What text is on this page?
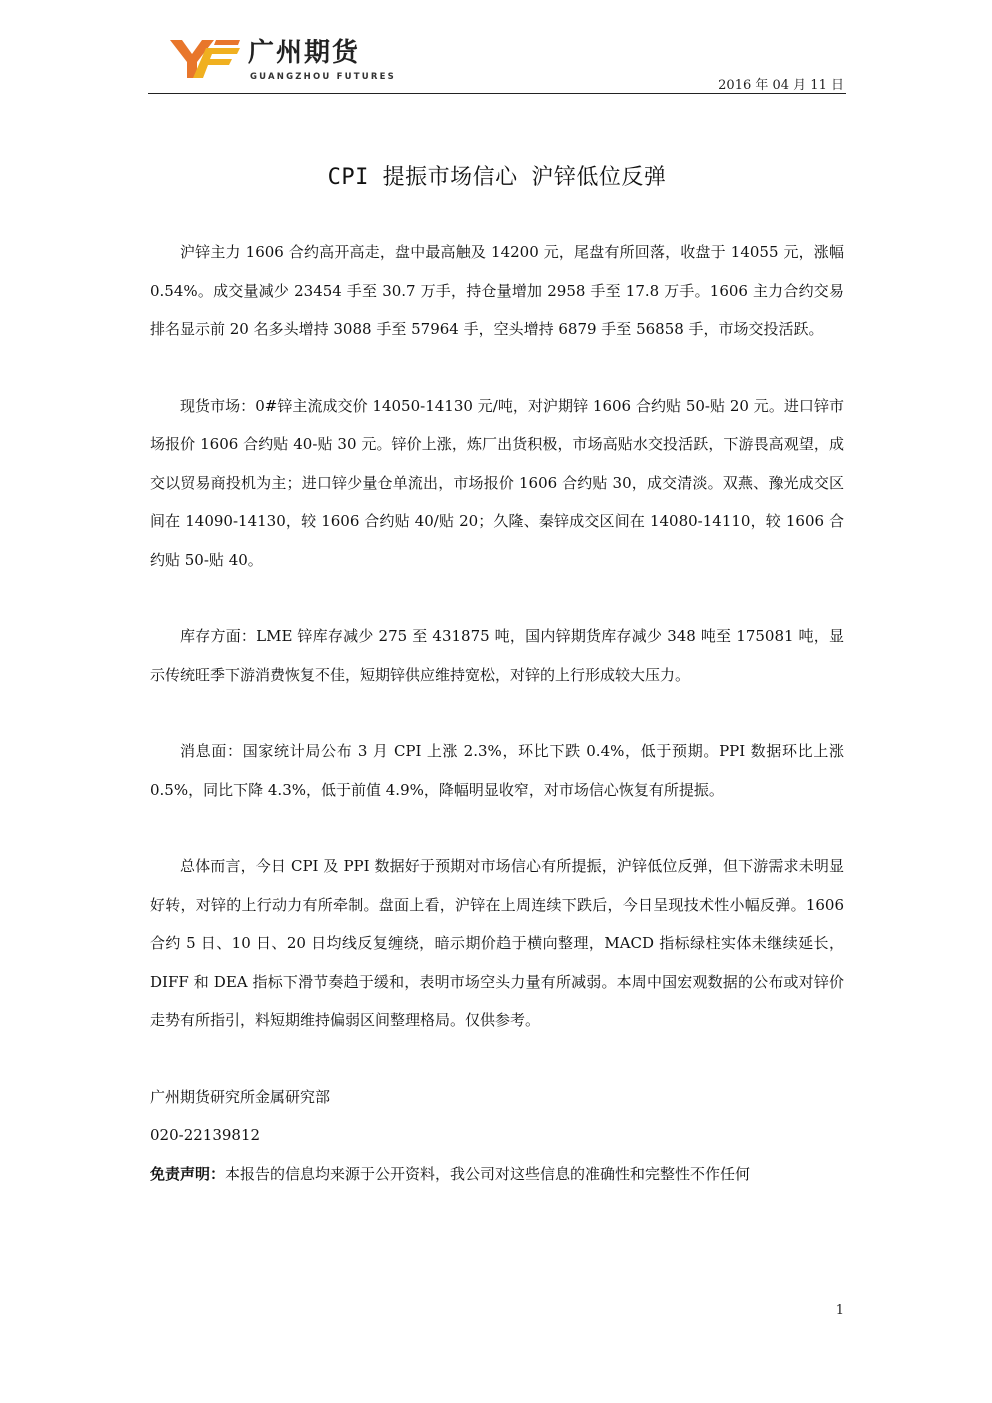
广州期货
GUANGZHOU FUTURES
2016 年 04 月 11 日
CPI 提振市场信心 沪锌低位反弹

沪锌主力 1606 合约高开高走，盘中最高触及 14200 元，尾盘有所回落，收盘于 14055 元，涨幅 0.54%。成交量减少 23454 手至 30.7 万手，持仓量增加 2958 手至 17.8 万手。1606 主力合约交易排名显示前 20 名多头增持 3088 手至 57964 手，空头增持 6879 手至 56858 手，市场交投活跃。

现货市场：0#锌主流成交价 14050-14130 元/吨，对沪期锌 1606 合约贴 50-贴 20 元。进口锌市场报价 1606 合约贴 40-贴 30 元。锌价上涨，炼厂出货积极，市场高贴水交投活跃，下游畏高观望，成交以贸易商投机为主；进口锌少量仓单流出，市场报价 1606 合约贴 30，成交清淡。双燕、豫光成交区间在 14090-14130，较 1606 合约贴 40/贴 20；久隆、秦锌成交区间在 14080-14110，较 1606 合约贴 50-贴 40。

库存方面：LME 锌库存减少 275 至 431875 吨，国内锌期货库存减少 348 吨至 175081 吨，显示传统旺季下游消费恢复不佳，短期锌供应维持宽松，对锌的上行形成较大压力。

消息面：国家统计局公布 3 月 CPI 上涨 2.3%，环比下跌 0.4%，低于预期。PPI 数据环比上涨 0.5%，同比下降 4.3%，低于前值 4.9%，降幅明显收窄，对市场信心恢复有所提振。

总体而言，今日 CPI 及 PPI 数据好于预期对市场信心有所提振，沪锌低位反弹，但下游需求未明显好转，对锌的上行动力有所牵制。盘面上看，沪锌在上周连续下跌后，今日呈现技术性小幅反弹。1606 合约 5 日、10 日、20 日均线反复缠绕，暗示期价趋于横向整理，MACD 指标绿柱实体未继续延长，DIFF 和 DEA 指标下滑节奏趋于缓和，表明市场空头力量有所减弱。本周中国宏观数据的公布或对锌价走势有所指引，料短期维持偏弱区间整理格局。仅供参考。

广州期货研究所金属研究部

020-22139812

免责声明：本报告的信息均来源于公开资料，我公司对这些信息的准确性和完整性不作任何

1
